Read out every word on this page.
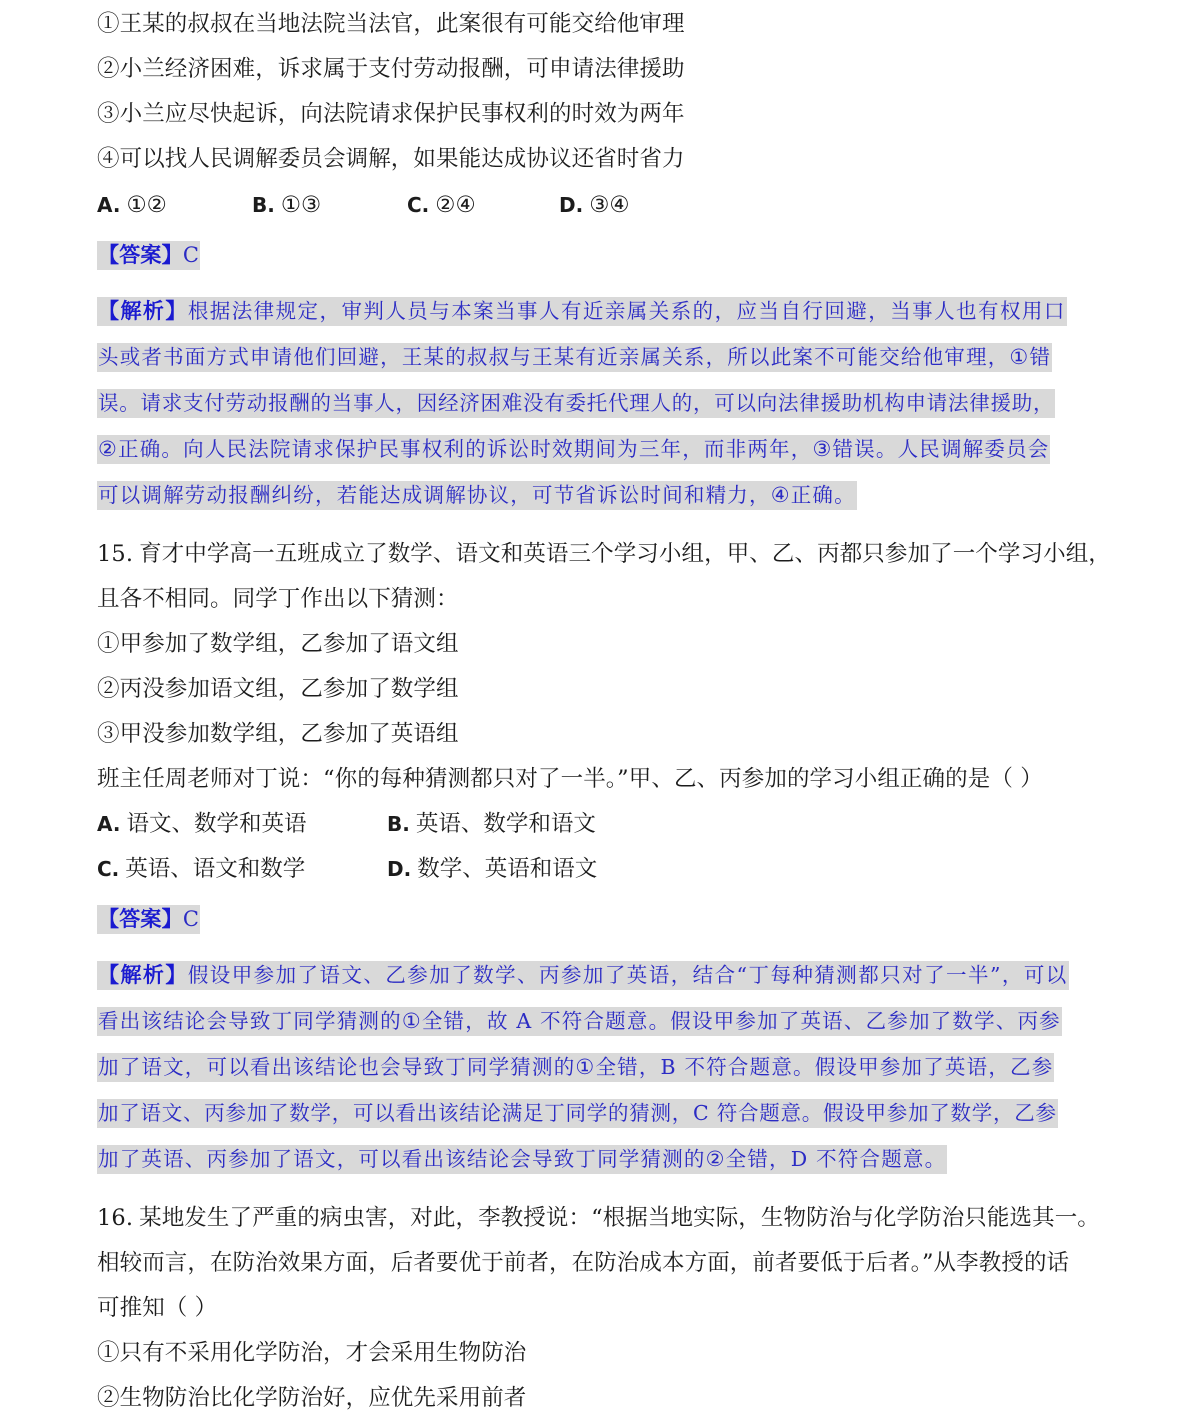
①王某的叔叔在当地法院当法官，此案很有可能交给他审理
②小兰经济困难，诉求属于支付劳动报酬，可申请法律援助
③小兰应尽快起诉，向法院请求保护民事权利的时效为两年
④可以找人民调解委员会调解，如果能达成协议还省时省力
A. ①②	B. ①③	C. ②④	D. ③④
【答案】C
【解析】根据法律规定，审判人员与本案当事人有近亲属关系的，应当自行回避，当事人也有权用口
头或者书面方式申请他们回避，王某的叔叔与王某有近亲属关系，所以此案不可能交给他审理，①错
误。请求支付劳动报酬的当事人，因经济困难没有委托代理人的，可以向法律援助机构申请法律援助，
②正确。向人民法院请求保护民事权利的诉讼时效期间为三年，而非两年，③错误。人民调解委员会
可以调解劳动报酬纠纷，若能达成调解协议，可节省诉讼时间和精力，④正确。
15. 育才中学高一五班成立了数学、语文和英语三个学习小组，甲、乙、丙都只参加了一个学习小组，
且各不相同。同学丁作出以下猜测：
①甲参加了数学组，乙参加了语文组
②丙没参加语文组，乙参加了数学组
③甲没参加数学组，乙参加了英语组
班主任周老师对丁说：“你的每种猜测都只对了一半。”甲、乙、丙参加的学习小组正确的是（ ）
A. 语文、数学和英语	B. 英语、数学和语文
C. 英语、语文和数学	D. 数学、英语和语文
【答案】C
【解析】假设甲参加了语文、乙参加了数学、丙参加了英语，结合“丁每种猜测都只对了一半”，可以
看出该结论会导致丁同学猜测的①全错，故 A 不符合题意。假设甲参加了英语、乙参加了数学、丙参
加了语文，可以看出该结论也会导致丁同学猜测的①全错，B 不符合题意。假设甲参加了英语，乙参
加了语文、丙参加了数学，可以看出该结论满足丁同学的猜测，C 符合题意。假设甲参加了数学，乙参
加了英语、丙参加了语文，可以看出该结论会导致丁同学猜测的②全错，D 不符合题意。
16. 某地发生了严重的病虫害，对此，李教授说：“根据当地实际，生物防治与化学防治只能选其一。
相较而言，在防治效果方面，后者要优于前者，在防治成本方面，前者要低于后者。”从李教授的话
可推知（ ）
①只有不采用化学防治，才会采用生物防治
②生物防治比化学防治好，应优先采用前者
